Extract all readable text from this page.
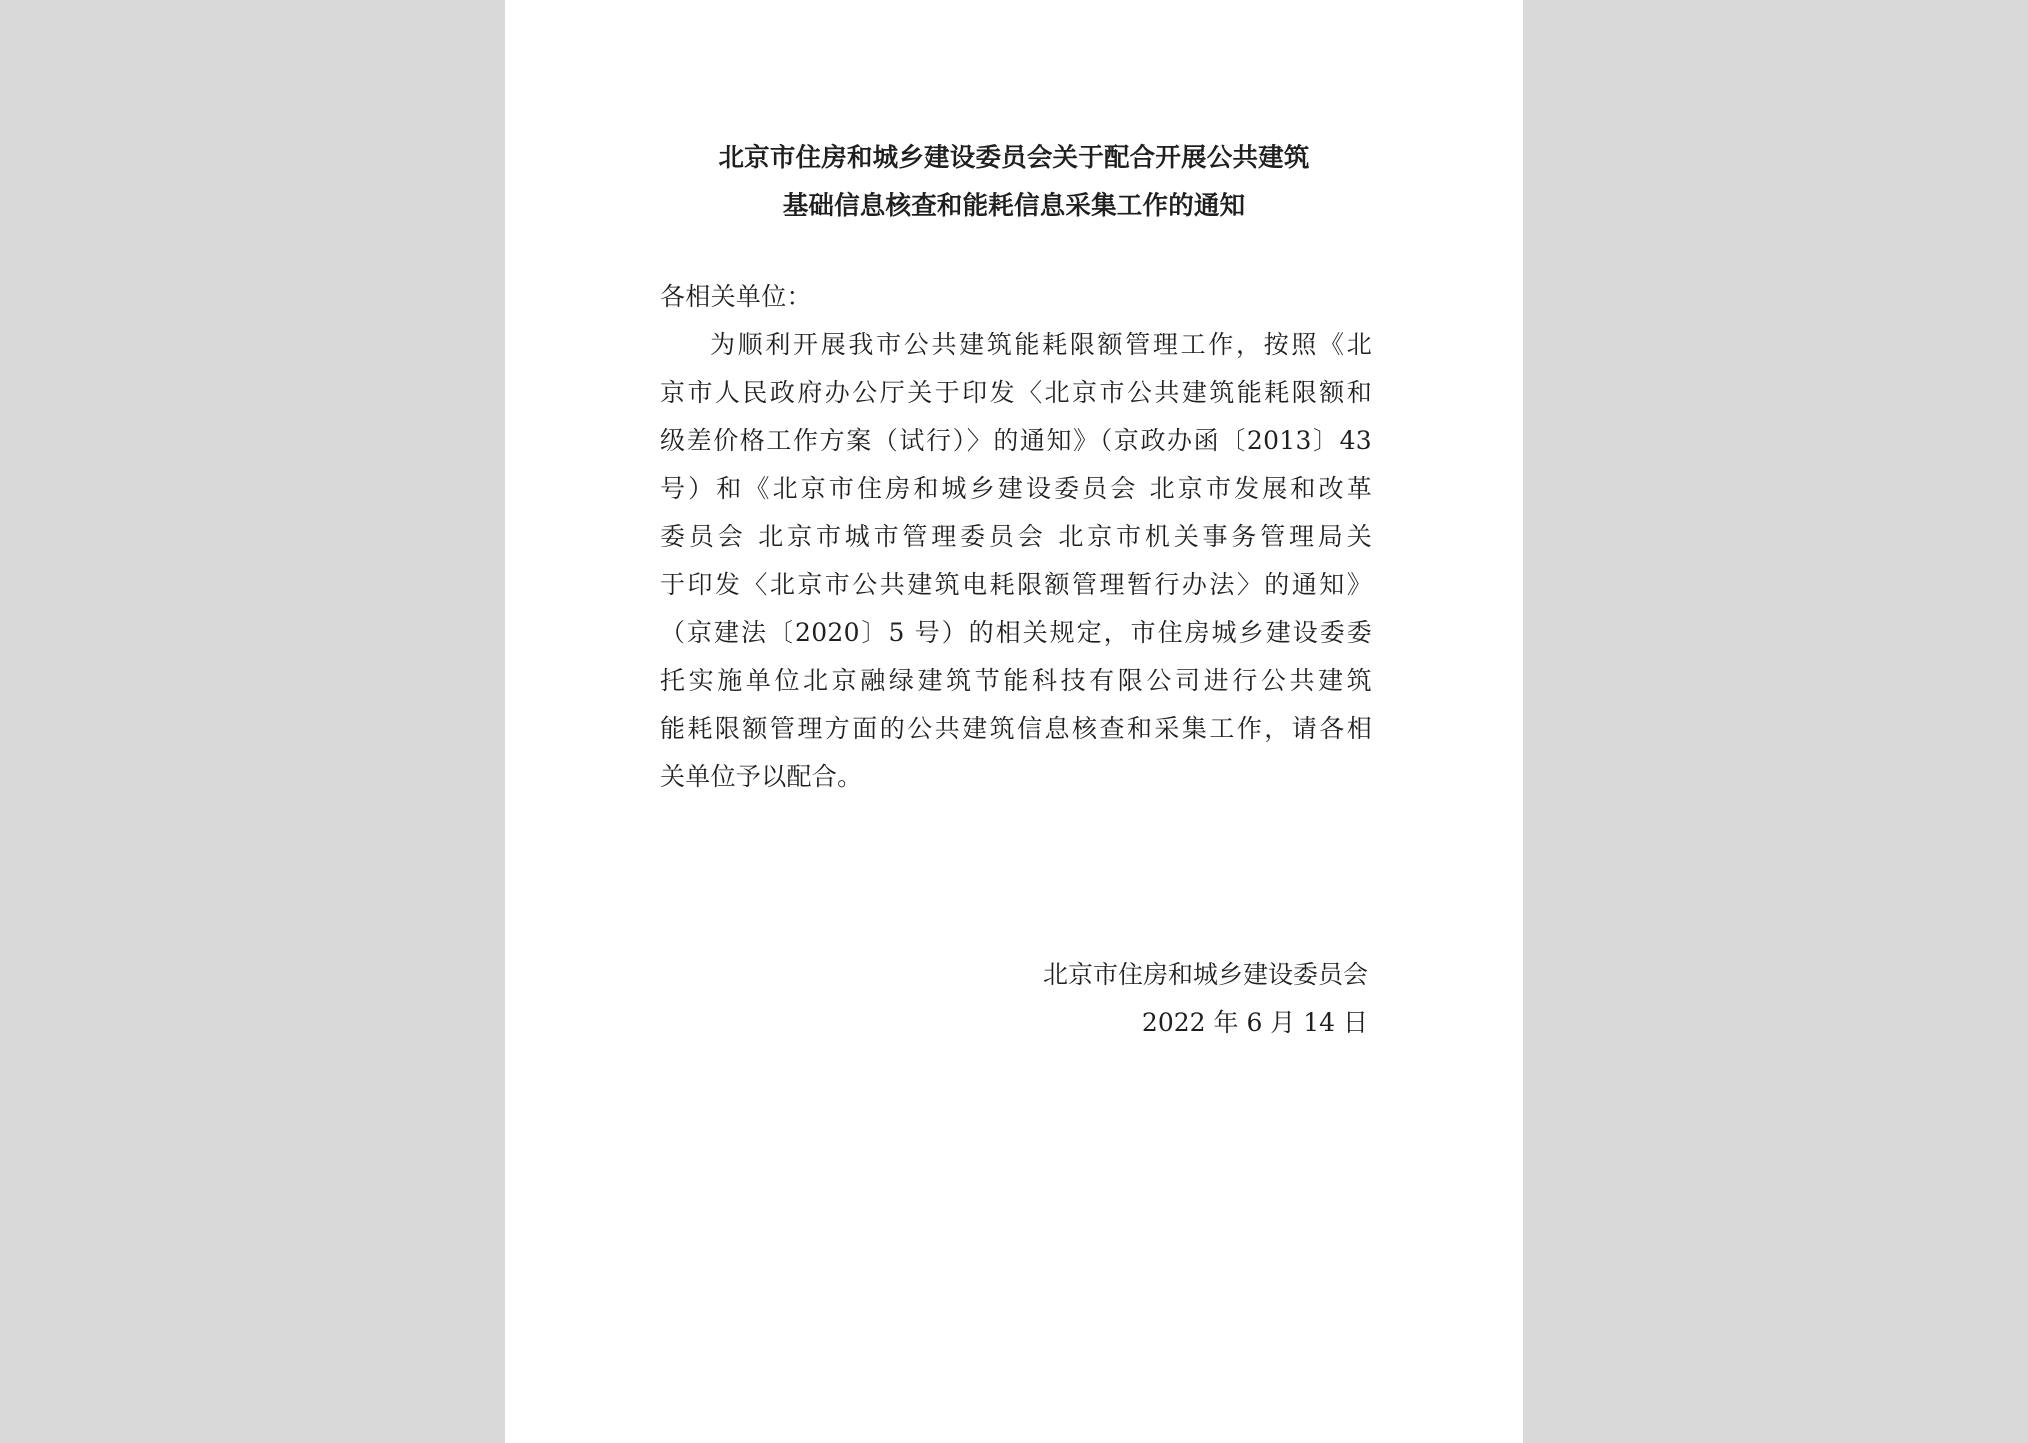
北京市住房和城乡建设委员会关于配合开展公共建筑
基础信息核查和能耗信息采集工作的通知
各相关单位：
为顺利开展我市公共建筑能耗限额管理工作，按照《北
京市人民政府办公厅关于印发〈北京市公共建筑能耗限额和
级差价格工作方案（试行）〉的通知》（京政办函〔2013〕43
号）和《北京市住房和城乡建设委员会 北京市发展和改革
委员会 北京市城市管理委员会 北京市机关事务管理局关
于印发〈北京市公共建筑电耗限额管理暂行办法〉的通知》
（京建法〔2020〕5 号）的相关规定，市住房城乡建设委委
托实施单位北京融绿建筑节能科技有限公司进行公共建筑
能耗限额管理方面的公共建筑信息核查和采集工作，请各相
关单位予以配合。
北京市住房和城乡建设委员会
2022 年 6 月 14 日
